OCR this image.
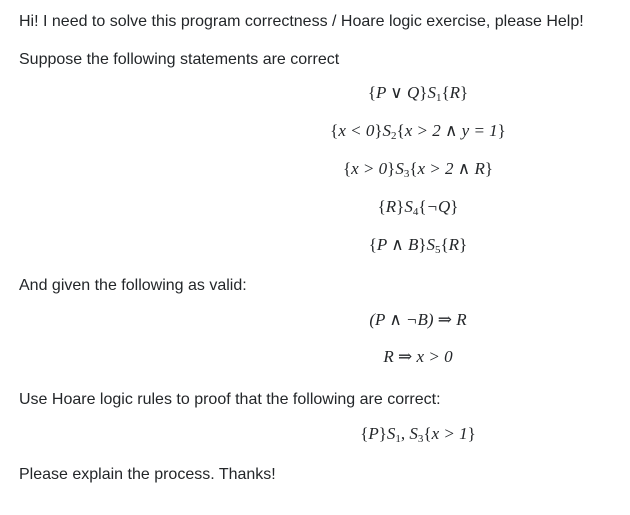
Hi! I need to solve this program correctness / Hoare logic exercise, please Help!
Suppose the following statements are correct
{P ∨ $Q\}S_1\{R\}$
$\{x < 0\}S_2\{x > 2$ ∧ y = 1}
$\{x > 0\}S_3\{x > 2$ ∧ R}
$\{R\}S_4\{\neg Q\}$
{P ∧ $B\}S_5\{R\}$
And given the following as valid:
(P ∧ ¬B) ⇒ R
R ⇒ x > 0
Use Hoare logic rules to proof that the following are correct:
$\{P\}S_1$, $S_3\{x > 1\}$
Please explain the process. Thanks!
